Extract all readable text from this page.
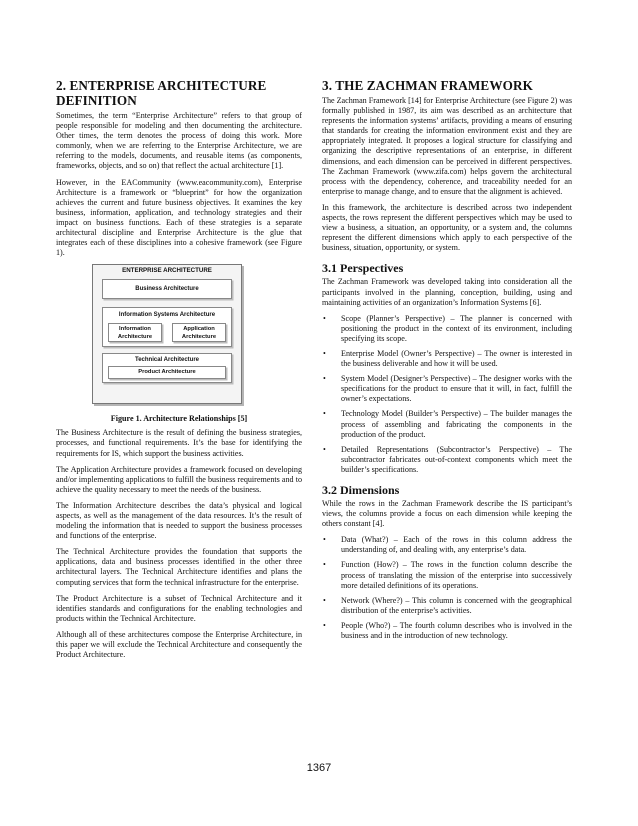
2. ENTERPRISE ARCHITECTURE DEFINITION

Sometimes, the term “Enterprise Architecture” refers to that group of people responsible for modeling and then documenting the architecture. Other times, the term denotes the process of doing this work. More commonly, when we are referring to the Enterprise Architecture, we are referring to the models, documents, and reusable items (as components, frameworks, objects, and so on) that reflect the actual architecture [1].

However, in the EACommunity (www.eacommunity.com), Enterprise Architecture is a framework or “blueprint” for how the organization achieves the current and future business objectives. It examines the key business, information, application, and technology strategies and their impact on business functions. Each of these strategies is a separate architectural discipline and Enterprise Architecture is the glue that integrates each of these disciplines into a cohesive framework (see Figure 1).

ENTERPRISE ARCHITECTURE
Business Architecture
Information Systems Architecture
Information Architecture
Application Architecture
Technical Architecture
Product Architecture
Figure 1. Architecture Relationships [5]

The Business Architecture is the result of defining the business strategies, processes, and functional requirements. It’s the base for identifying the requirements for IS, which support the business activities.

The Application Architecture provides a framework focused on developing and/or implementing applications to fulfill the business requirements and to achieve the quality necessary to meet the needs of the business.

The Information Architecture describes the data’s physical and logical aspects, as well as the management of the data resources. It’s the result of modeling the information that is needed to support the business processes and functions of the enterprise.

The Technical Architecture provides the foundation that supports the applications, data and business processes identified in the other three architectural layers. The Technical Architecture identifies and plans the computing services that form the technical infrastructure for the enterprise.

The Product Architecture is a subset of Technical Architecture and it identifies standards and configurations for the enabling technologies and products within the Technical Architecture.

Although all of these architectures compose the Enterprise Architecture, in this paper we will exclude the Technical Architecture and consequently the Product Architecture.

3. THE ZACHMAN FRAMEWORK

The Zachman Framework [14] for Enterprise Architecture (see Figure 2) was formally published in 1987, its aim was described as an architecture that represents the information systems’ artifacts, providing a means of ensuring that standards for creating the information environment exist and they are appropriately integrated. It proposes a logical structure for classifying and organizing the descriptive representations of an enterprise, in different dimensions, and each dimension can be perceived in different perspectives. The Zachman Framework (www.zifa.com) helps govern the architectural process with the dependency, coherence, and traceability needed for an enterprise to manage change, and to ensure that the alignment is achieved.

In this framework, the architecture is described across two independent aspects, the rows represent the different perspectives which may be used to view a business, a situation, an opportunity, or a system and, the columns represent the different dimensions which apply to each perspective of the business, situation, opportunity, or system.

3.1 Perspectives

The Zachman Framework was developed taking into consideration all the participants involved in the planning, conception, building, using and maintaining activities of an organization’s Information Systems [6].

• Scope (Planner’s Perspective) – The planner is concerned with positioning the product in the context of its environment, including specifying its scope.
• Enterprise Model (Owner’s Perspective) – The owner is interested in the business deliverable and how it will be used.
• System Model (Designer’s Perspective) – The designer works with the specifications for the product to ensure that it will, in fact, fulfill the owner’s expectations.
• Technology Model (Builder’s Perspective) – The builder manages the process of assembling and fabricating the components in the production of the product.
• Detailed Representations (Subcontractor’s Perspective) – The subcontractor fabricates out-of-context components which meet the builder’s specifications.
3.2 Dimensions

While the rows in the Zachman Framework describe the IS participant’s views, the columns provide a focus on each dimension while keeping the others constant [4].

• Data (What?) – Each of the rows in this column address the understanding of, and dealing with, any enterprise’s data.
• Function (How?) – The rows in the function column describe the process of translating the mission of the enterprise into successively more detailed definitions of its operations.
• Network (Where?) – This column is concerned with the geographical distribution of the enterprise’s activities.
• People (Who?) – The fourth column describes who is involved in the business and in the introduction of new technology.
1367
